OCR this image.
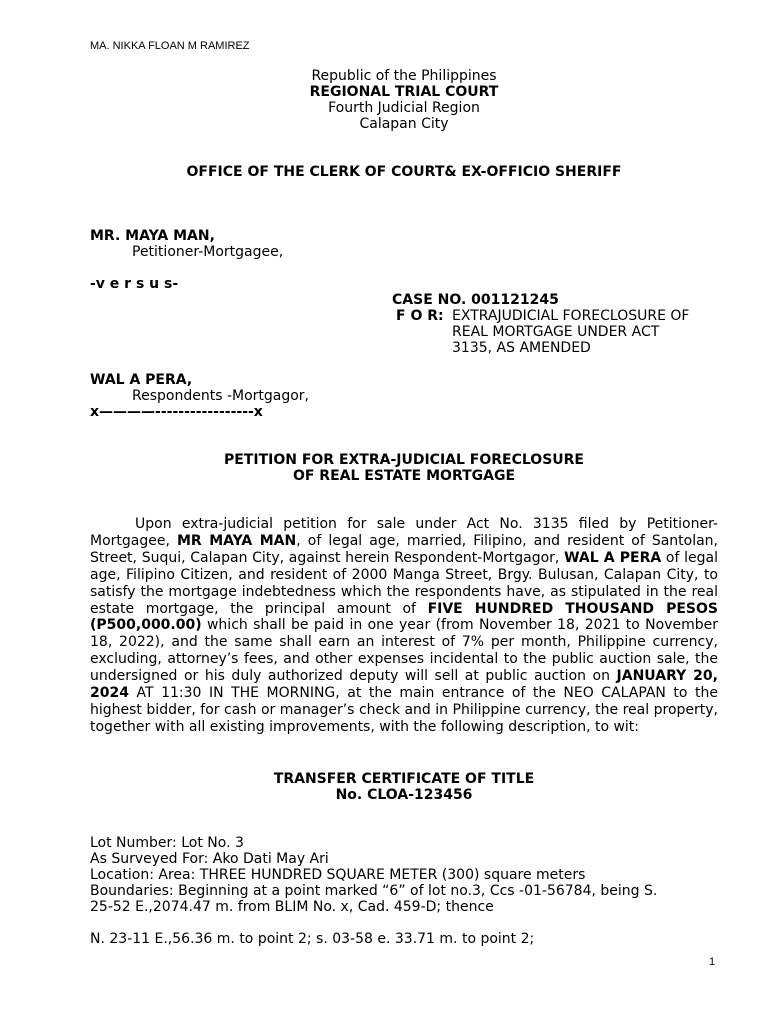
MA. NIKKA FLOAN M RAMIREZ
Republic of the Philippines
REGIONAL TRIAL COURT
Fourth Judicial Region
Calapan City
OFFICE OF THE CLERK OF COURT& EX-OFFICIO SHERIFF
MR. MAYA MAN,
Petitioner-Mortgagee,
-v e r s u s-
CASE NO. 001121245
F O R: EXTRAJUDICIAL FORECLOSURE OF
REAL MORTGAGE UNDER ACT
3135, AS AMENDED
WAL A PERA,
Respondents -Mortgagor,
x————-----------------x
PETITION FOR EXTRA-JUDICIAL FORECLOSURE
OF REAL ESTATE MORTGAGE
Upon extra-judicial petition for sale under Act No. 3135 filed by Petitioner-Mortgagee, MR MAYA MAN, of legal age, married, Filipino, and resident of Santolan, Street, Suqui, Calapan City, against herein Respondent-Mortgagor, WAL A PERA of legal age, Filipino Citizen, and resident of 2000 Manga Street, Brgy. Bulusan, Calapan City, to satisfy the mortgage indebtedness which the respondents have, as stipulated in the real estate mortgage, the principal amount of FIVE HUNDRED THOUSAND PESOS (P500,000.00) which shall be paid in one year (from November 18, 2021 to November 18, 2022), and the same shall earn an interest of 7% per month, Philippine currency, excluding, attorney’s fees, and other expenses incidental to the public auction sale, the undersigned or his duly authorized deputy will sell at public auction on JANUARY 20, 2024 AT 11:30 IN THE MORNING, at the main entrance of the NEO CALAPAN to the highest bidder, for cash or manager’s check and in Philippine currency, the real property, together with all existing improvements, with the following description, to wit:
TRANSFER CERTIFICATE OF TITLE
No. CLOA-123456
Lot Number: Lot No. 3
As Surveyed For: Ako Dati May Ari
Location: Area: THREE HUNDRED SQUARE METER (300) square meters
Boundaries: Beginning at a point marked “6” of lot no.3, Ccs -01-56784, being S.
25-52 E.,2074.47 m. from BLIM No. x, Cad. 459-D; thence
N. 23-11 E.,56.36 m. to point 2; s. 03-58 e. 33.71 m. to point 2;
1
